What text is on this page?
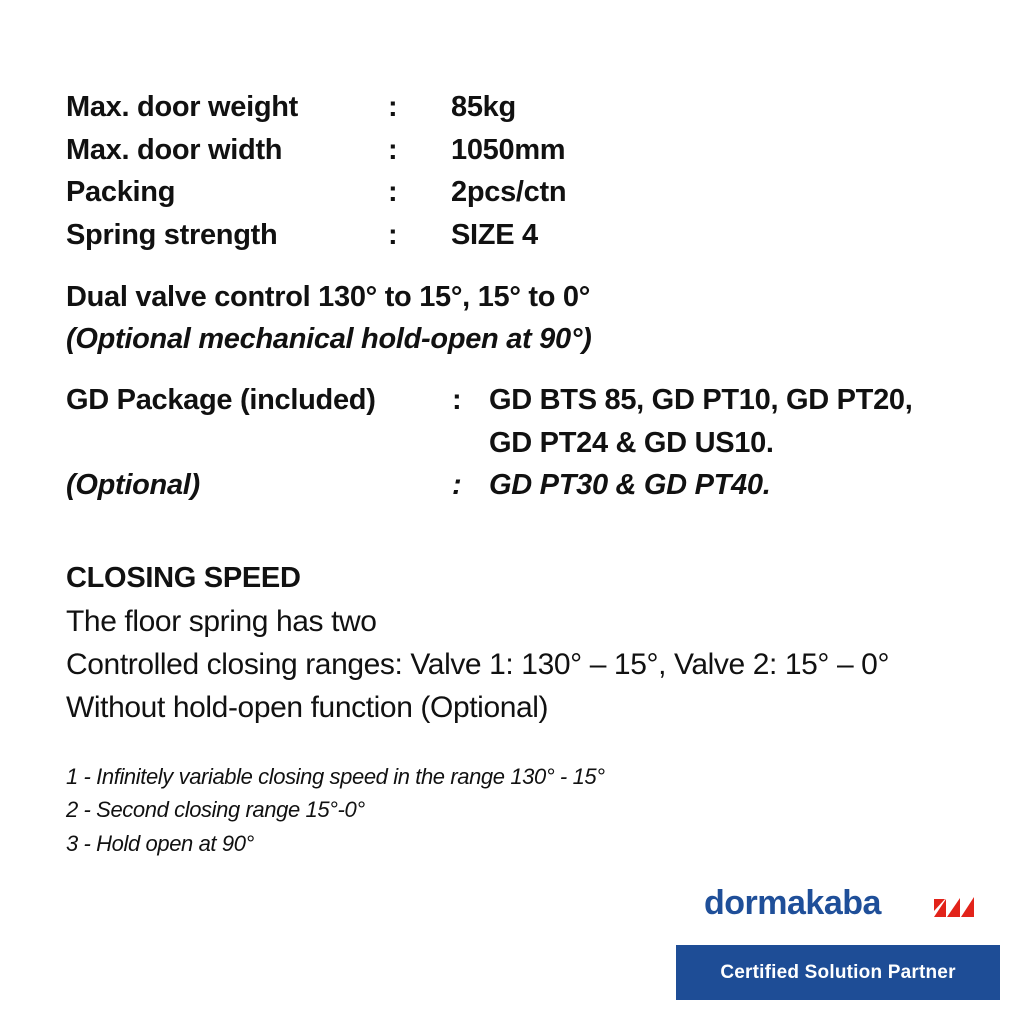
Max. door weight	: 85kg
Max. door width	: 1050mm
Packing	: 2pcs/ctn
Spring strength	: SIZE 4
Dual valve control 130° to 15°, 15° to 0°
(Optional mechanical hold-open at 90°)
GD Package (included)	: GD BTS 85, GD PT10, GD PT20,
GD PT24 & GD US10.
(Optional)	: GD PT30 & GD PT40.
CLOSING SPEED
The floor spring has two
Controlled closing ranges: Valve 1: 130° – 15°, Valve 2: 15° – 0°
Without hold-open function (Optional)
1 - Infinitely variable closing speed in the range 130° - 15°
2 - Second closing range 15°-0°
3 - Hold open at 90°
dormakaba
Certified Solution Partner
